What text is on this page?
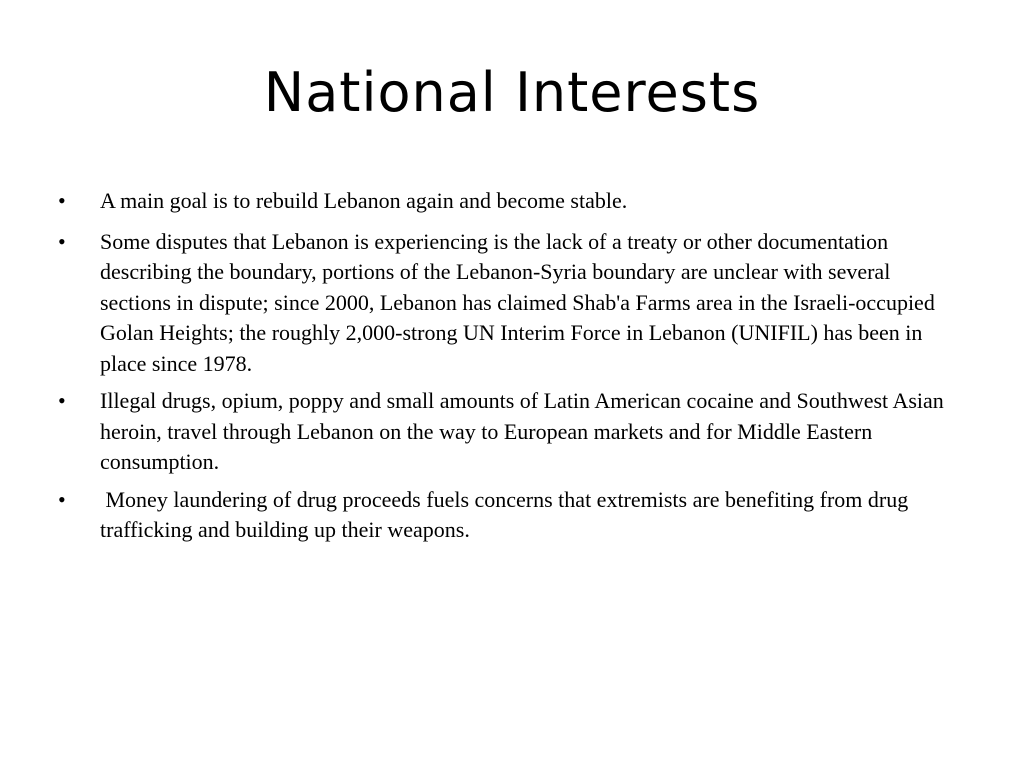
National Interests
•	A main goal is to rebuild Lebanon again and become stable.
•	Some disputes that Lebanon is experiencing is the lack of a treaty or other documentation describing the boundary, portions of the Lebanon-Syria boundary are unclear with several sections in dispute; since 2000, Lebanon has claimed Shab'a Farms area in the Israeli-occupied Golan Heights; the roughly 2,000-strong UN Interim Force in Lebanon (UNIFIL) has been in place since 1978.
•	Illegal drugs, opium, poppy and small amounts of Latin American cocaine and Southwest Asian heroin, travel through Lebanon on the way to European markets and for Middle Eastern consumption.
•	Money laundering of drug proceeds fuels concerns that extremists are benefiting from drug trafficking and building up their weapons.
